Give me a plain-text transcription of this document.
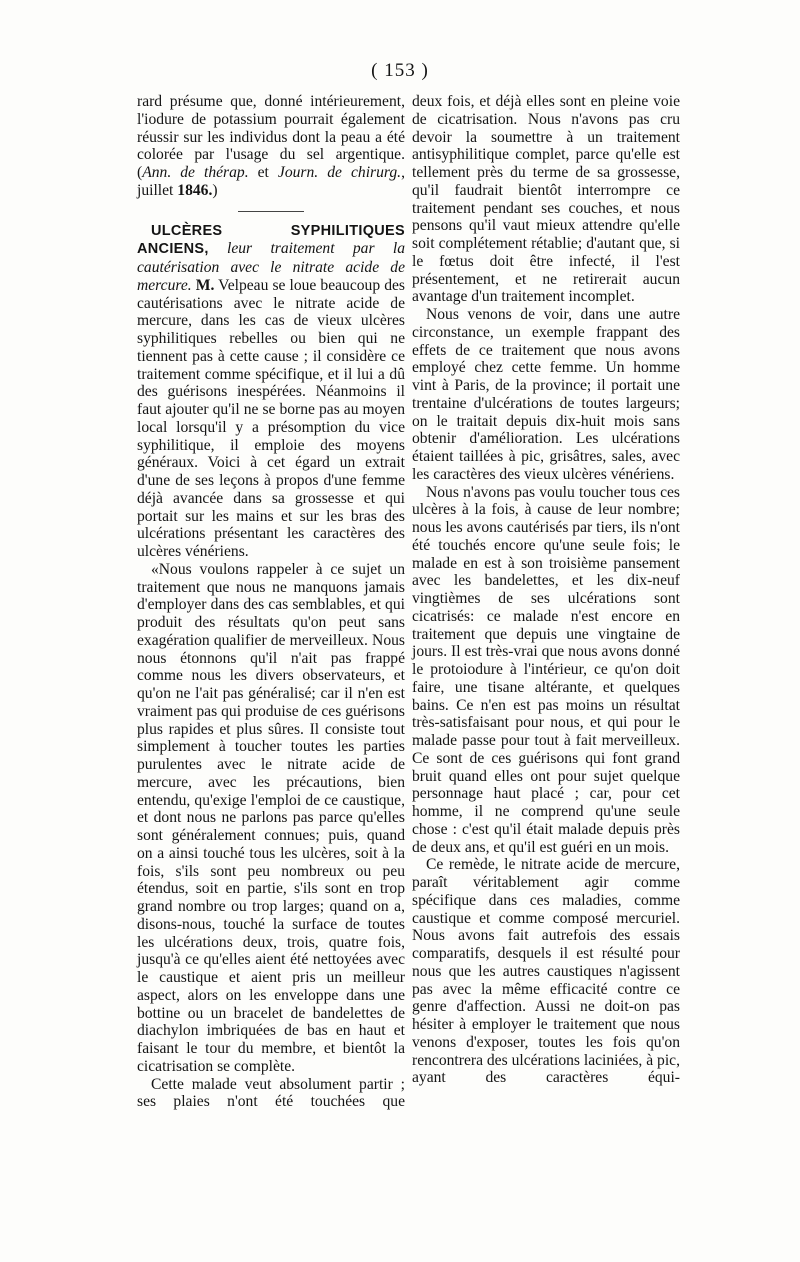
( 153 )

rard présume que, donné intérieurement, l'iodure de potassium pourrait également réussir sur les individus dont la peau a été colorée par l'usage du sel argentique. (Ann. de thérap. et Journ. de chirurg., juillet 1846.)

ULCÈRES SYPHILITIQUES ANCIENS, leur traitement par la cautérisation avec le nitrate acide de mercure. M. Velpeau se loue beaucoup des cautérisations avec le nitrate acide de mercure, dans les cas de vieux ulcères syphilitiques rebelles ou bien qui ne tiennent pas à cette cause ; il considère ce traitement comme spécifique, et il lui a dû des guérisons inespérées. Néanmoins il faut ajouter qu'il ne se borne pas au moyen local lorsqu'il y a présomption du vice syphilitique, il emploie des moyens généraux. Voici à cet égard un extrait d'une de ses leçons à propos d'une femme déjà avancée dans sa grossesse et qui portait sur les mains et sur les bras des ulcérations présentant les caractères des ulcères vénériens.

«Nous voulons rappeler à ce sujet un traitement que nous ne manquons jamais d'employer dans des cas semblables, et qui produit des résultats qu'on peut sans exagération qualifier de merveilleux. Nous nous étonnons qu'il n'ait pas frappé comme nous les divers observateurs, et qu'on ne l'ait pas généralisé; car il n'en est vraiment pas qui produise de ces guérisons plus rapides et plus sûres. Il consiste tout simplement à toucher toutes les parties purulentes avec le nitrate acide de mercure, avec les précautions, bien entendu, qu'exige l'emploi de ce caustique, et dont nous ne parlons pas parce qu'elles sont généralement connues; puis, quand on a ainsi touché tous les ulcères, soit à la fois, s'ils sont peu nombreux ou peu étendus, soit en partie, s'ils sont en trop grand nombre ou trop larges; quand on a, disons-nous, touché la surface de toutes les ulcérations deux, trois, quatre fois, jusqu'à ce qu'elles aient été nettoyées avec le caustique et aient pris un meilleur aspect, alors on les enveloppe dans une bottine ou un bracelet de bandelettes de diachylon imbriquées de bas en haut et faisant le tour du membre, et bientôt la cicatrisation se complète.

Cette malade veut absolument partir ; ses plaies n'ont été touchées que

deux fois, et déjà elles sont en pleine voie de cicatrisation. Nous n'avons pas cru devoir la soumettre à un traitement antisyphilitique complet, parce qu'elle est tellement près du terme de sa grossesse, qu'il faudrait bientôt interrompre ce traitement pendant ses couches, et nous pensons qu'il vaut mieux attendre qu'elle soit complétement rétablie; d'autant que, si le fœtus doit être infecté, il l'est présentement, et ne retirerait aucun avantage d'un traitement incomplet.

Nous venons de voir, dans une autre circonstance, un exemple frappant des effets de ce traitement que nous avons employé chez cette femme. Un homme vint à Paris, de la province; il portait une trentaine d'ulcérations de toutes largeurs; on le traitait depuis dix-huit mois sans obtenir d'amélioration. Les ulcérations étaient taillées à pic, grisâtres, sales, avec les caractères des vieux ulcères vénériens.

Nous n'avons pas voulu toucher tous ces ulcères à la fois, à cause de leur nombre; nous les avons cautérisés par tiers, ils n'ont été touchés encore qu'une seule fois; le malade en est à son troisième pansement avec les bandelettes, et les dix-neuf vingtièmes de ses ulcérations sont cicatrisés: ce malade n'est encore en traitement que depuis une vingtaine de jours. Il est très-vrai que nous avons donné le protoiodure à l'intérieur, ce qu'on doit faire, une tisane altérante, et quelques bains. Ce n'en est pas moins un résultat très-satisfaisant pour nous, et qui pour le malade passe pour tout à fait merveilleux. Ce sont de ces guérisons qui font grand bruit quand elles ont pour sujet quelque personnage haut placé ; car, pour cet homme, il ne comprend qu'une seule chose : c'est qu'il était malade depuis près de deux ans, et qu'il est guéri en un mois.

Ce remède, le nitrate acide de mercure, paraît véritablement agir comme spécifique dans ces maladies, comme caustique et comme composé mercuriel. Nous avons fait autrefois des essais comparatifs, desquels il est résulté pour nous que les autres caustiques n'agissent pas avec la même efficacité contre ce genre d'affection. Aussi ne doit-on pas hésiter à employer le traitement que nous venons d'exposer, toutes les fois qu'on rencontrera des ulcérations laciniées, à pic, ayant des caractères équi-
